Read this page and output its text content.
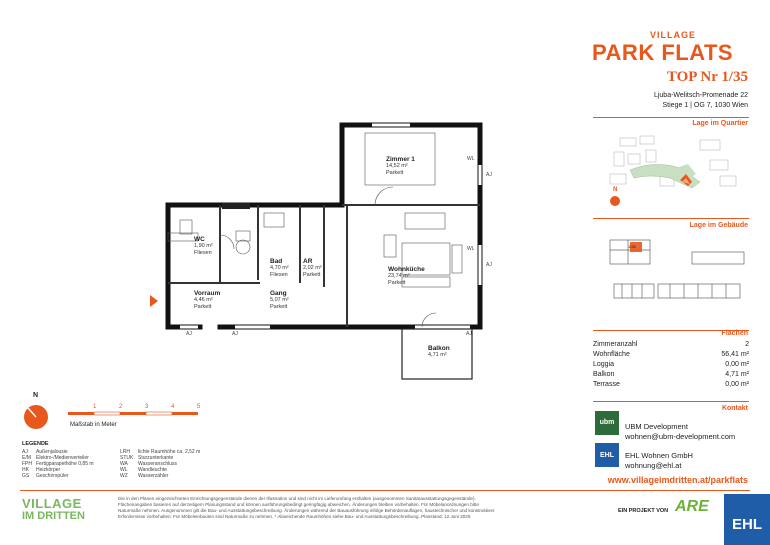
VILLAGE
PARK FLATS
TOP Nr 1/35
Ljuba-Welitsch-Promenade 22
Stiege 1 | OG 7, 1030 Wien
Lage im Quartier
N
Lage im Gebäude
1/35
Flächen
Zimmeranzahl	2
Wohnfläche	56,41 m²
Loggia	0,00 m²
Balkon	4,71 m²
Terrasse	0,00 m²
Kontakt
ubm	UBM Development
wohnen@ubm-development.com
EHL	EHL Wohnen GmbH
wohnung@ehl.at
www.villageimdritten.at/parkflats
Zimmer 1
14,52 m²
Parkett
WC
1,90 m²
Fliesen
Bad
4,70 m²
Fliesen
AR
2,02 m²
Parkett
Wohnküche
23,74 m²
Parkett
Vorraum
4,46 m²
Parkett
Gang
5,07 m²
Parkett
Balkon
4,71 m²
AJ	AJ
AJ
AJ
AJ
WL
WL
N
1	2	3	4	5
Maßstab in Meter
LEGENDE
AJ Außenjalousie
E/M Elektro-/Medienverteiler
FPH Fertigparapethöhe 0,85 m
HK Heizkörper
GS Geschirrspüler
LRH lichte Raumhöhe ca. 2,52 m
STUK Sturzunterkante
WA Wasseranschluss
WL Wandleuchte
WZ Wasserzähler
VILLAGE
IM DRITTEN
Die in den Plänen eingezeichneten Einrichtungsgegenstände dienen der Illustration und sind nicht im Lieferumfang enthalten (ausgenommen Sanitärausstattungsgegenstände). Flächenangaben basieren auf derzeitigem Planungsstand und können ausführungsbedingt geringfügig abweichen. Änderungen bleiben vorbehalten. Für Möbelanordnungen bitte Naturmaße nehmen. Ausgenommen gilt die Bau- und Ausstattungsbeschreibung. Änderungen während der Bauausführung infolge Behördenauflagen, haustechnischer und konstruktiver Erfordernisse vorbehalten. Für Möbeleinbauten sind Naturmaße zu nehmen. * Abweichende Raumhöhen siehe Bau- und Ausstattungsbeschreibung. Planstand: 12.Juni 2025
EIN PROJEKT VON ARE
EHL
